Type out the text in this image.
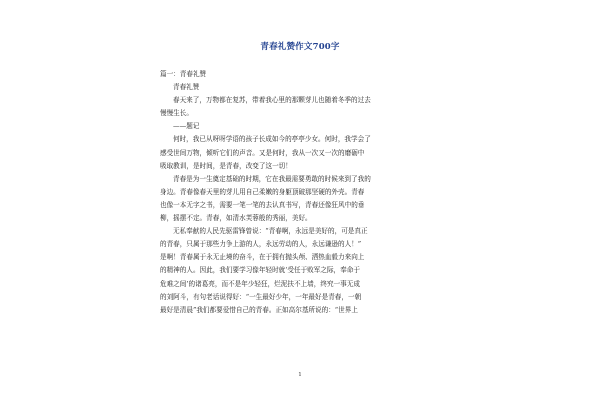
青春礼赞作文700字
篇一：青春礼赞
青春礼赞
春天来了，万物都在复苏，带着我心里的那颗芽儿也随着冬季的过去
慢慢生长。
——题记
何时，我已从呀呀学语的孩子长成如今的亭亭少女。何时，我学会了
感受世间万物，倾听它们的声音。又是何时，我从一次又一次的磨砺中
吸取教训，是时间，是青春，改变了这一切！
青春是为一生奠定基础的时期，它在我最需要勇敢的时候来到了我的
身边。青春像春天里的芽儿用自己柔嫩的身躯顶破那坚硬的外壳。青春
也像一本无字之书，需要一笔一笔的去认真书写，青春还像狂风中的垂
柳，摇摆不定。青春，如清水芙蓉般的秀丽，美好。
无私奉献的人民先驱雷锋曾说：“青春啊，永远是美好的，可是真正
的青春，只属于那些力争上游的人，永远劳动的人，永远谦逊的人！”
是啊！青春属于永无止境的奋斗，在于拥有抛头颅、洒热血毅力来向上
的精神的人。因此，我们要学习像年轻时就‘受任于败军之际，奉命于
危难之间’的诸葛亮，而不是年少轻狂，烂泥扶不上墙，终究一事无成
的刘阿斗，有句老话说得好：“一生最好少年，一年最好是青春，一朝
最好是清晨”我们都要爱惜自己的青春。正如高尔基所说的：“世界上
1
